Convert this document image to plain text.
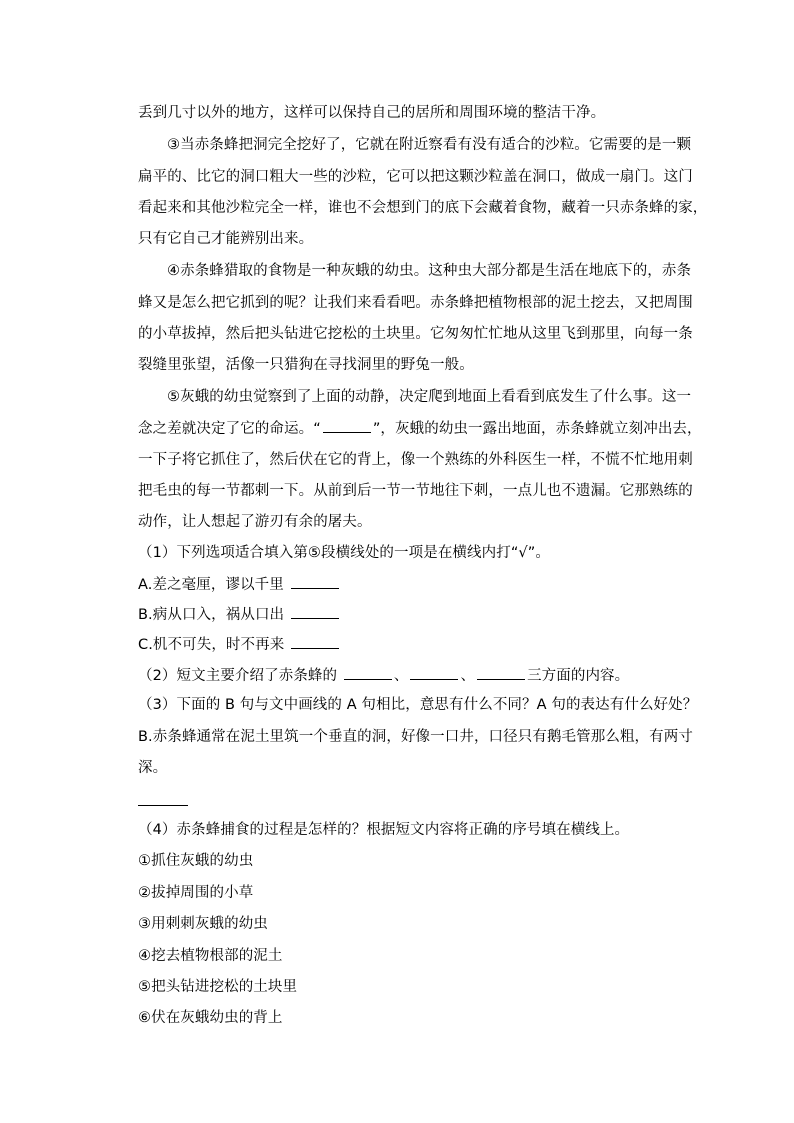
丢到几寸以外的地方，这样可以保持自己的居所和周围环境的整洁干净。
③当赤条蜂把洞完全挖好了，它就在附近察看有没有适合的沙粒。它需要的是一颗
扁平的、比它的洞口粗大一些的沙粒，它可以把这颗沙粒盖在洞口，做成一扇门。这门
看起来和其他沙粒完全一样，谁也不会想到门的底下会藏着食物，藏着一只赤条蜂的家，
只有它自己才能辨别出来。
④赤条蜂猎取的食物是一种灰蛾的幼虫。这种虫大部分都是生活在地底下的，赤条
蜂又是怎么把它抓到的呢？让我们来看看吧。赤条蜂把植物根部的泥土挖去，又把周围
的小草拔掉，然后把头钻进它挖松的土块里。它匆匆忙忙地从这里飞到那里，向每一条
裂缝里张望，活像一只猎狗在寻找洞里的野兔一般。
⑤灰蛾的幼虫觉察到了上面的动静，决定爬到地面上看看到底发生了什么事。这一
念之差就决定了它的命运。“	”，灰蛾的幼虫一露出地面，赤条蜂就立刻冲出去，
一下子将它抓住了，然后伏在它的背上，像一个熟练的外科医生一样，不慌不忙地用刺
把毛虫的每一节都刺一下。从前到后一节一节地往下刺，一点儿也不遗漏。它那熟练的
动作，让人想起了游刃有余的屠夫。
（1）下列选项适合填入第⑤段横线处的一项是在横线内打“√”。
A.差之毫厘，谬以千里
B.病从口入，祸从口出
C.机不可失，时不再来
（2）短文主要介绍了赤条蜂的	、	、	三方面的内容。
（3）下面的 B 句与文中画线的 A 句相比，意思有什么不同？A 句的表达有什么好处？
B.赤条蜂通常在泥土里筑一个垂直的洞，好像一口井，口径只有鹅毛管那么粗，有两寸
深。
（4）赤条蜂捕食的过程是怎样的？根据短文内容将正确的序号填在横线上。
①抓住灰蛾的幼虫
②拔掉周围的小草
③用刺刺灰蛾的幼虫
④挖去植物根部的泥土
⑤把头钻进挖松的土块里
⑥伏在灰蛾幼虫的背上
